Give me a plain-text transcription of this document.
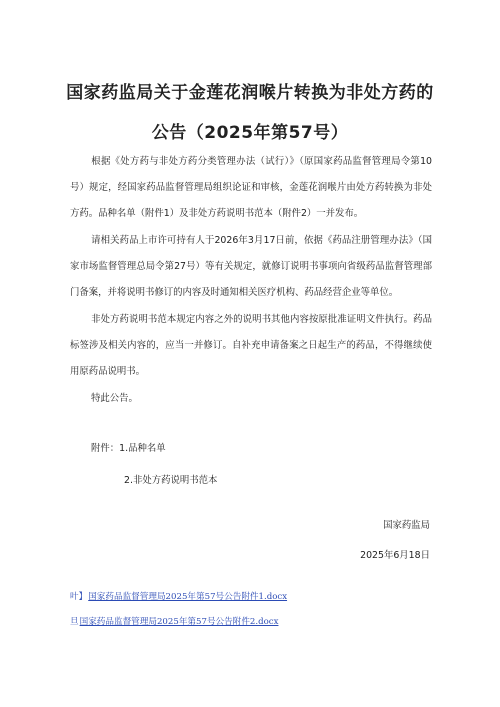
国家药监局关于金莲花润喉片转换为非处方药的
公告（2025年第57号）
根据《处方药与非处方药分类管理办法（试行）》（原国家药品监督管理局令第10号）规定，经国家药品监督管理局组织论证和审核，金莲花润喉片由处方药转换为非处方药。品种名单（附件1）及非处方药说明书范本（附件2）一并发布。
请相关药品上市许可持有人于2026年3月17日前，依据《药品注册管理办法》（国家市场监督管理总局令第27号）等有关规定，就修订说明书事项向省级药品监督管理部门备案，并将说明书修订的内容及时通知相关医疗机构、药品经营企业等单位。
非处方药说明书范本规定内容之外的说明书其他内容按原批准证明文件执行。药品标签涉及相关内容的，应当一并修订。自补充申请备案之日起生产的药品，不得继续使用原药品说明书。
特此公告。
附件：1.品种名单
2.非处方药说明书范本
国家药监局
2025年6月18日
叶】国家药品监督管理局2025年第57号公告附件1.docx
旦国家药品监督管理局2025年第57号公告附件2.docx
